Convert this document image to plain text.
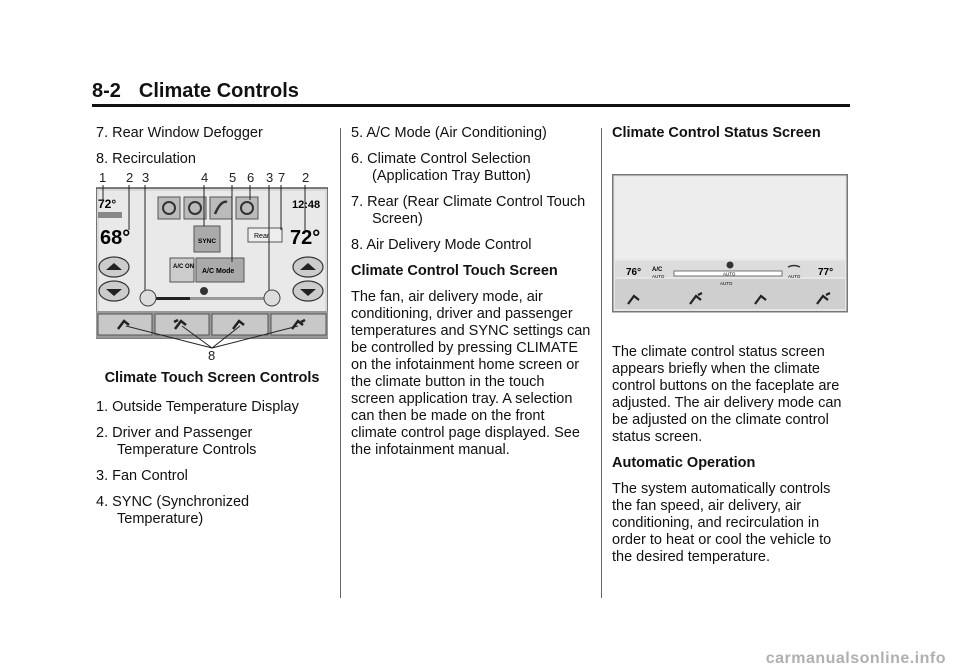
8-2 Climate Controls
7. Rear Window Defogger
8. Recirculation
1 2 3	4 5 6 3 7 2
8
72°	12:48
68°	72°
SYNC
Rear
A/C ON
A/C Mode
Climate Touch Screen Controls
1. Outside Temperature Display
2. Driver and Passenger Temperature Controls
3. Fan Control
4. SYNC (Synchronized Temperature)
5. A/C Mode (Air Conditioning)
6. Climate Control Selection (Application Tray Button)
7. Rear (Rear Climate Control Touch Screen)
8. Air Delivery Mode Control
Climate Control Touch Screen
The fan, air delivery mode, air conditioning, driver and passenger temperatures and SYNC settings can be controlled by pressing CLIMATE on the infotainment home screen or the climate button in the touch screen application tray. A selection can then be made on the front climate control page displayed. See the infotainment manual.
Climate Control Status Screen
76° A/C
AUTO	AUTO	AUTO 77°
AUTO
The climate control status screen appears briefly when the climate control buttons on the faceplate are adjusted. The air delivery mode can be adjusted on the climate control status screen.
Automatic Operation
The system automatically controls the fan speed, air delivery, air conditioning, and recirculation in order to heat or cool the vehicle to the desired temperature.
carmanualsonline.info
